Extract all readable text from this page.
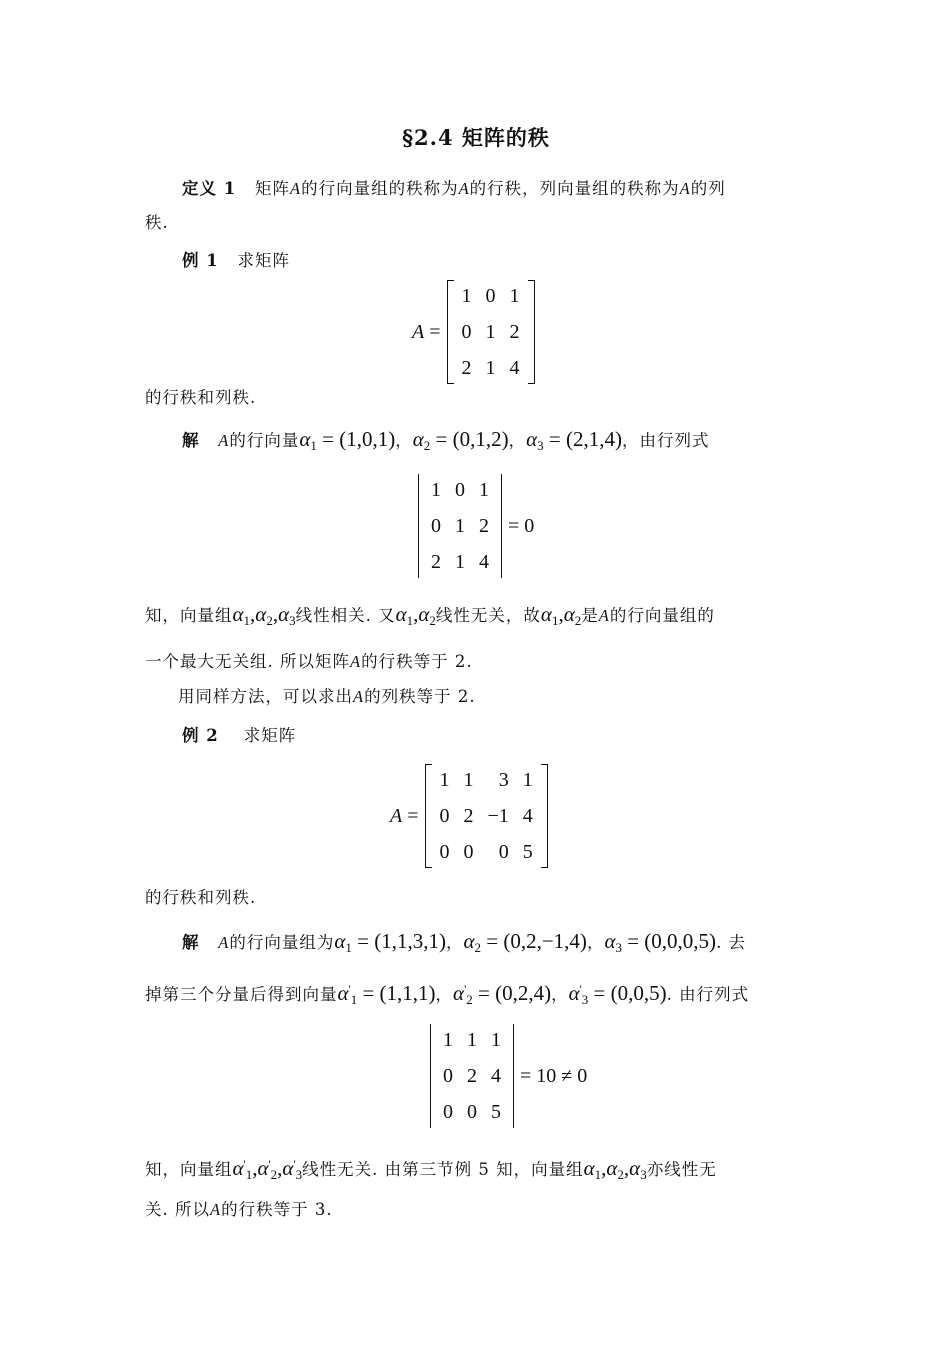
§2.4 矩阵的秩
定义 1 矩阵A的行向量组的秩称为A的行秩，列向量组的秩称为A的列
秩.
例 1 求矩阵
A =
1	0	1
0	1	2
2	1	4
的行秩和列秩.
解 A的行向量$\alpha_1 = (1,0,1)$，$\alpha_2 = (0,1,2)$，$\alpha_3 = (2,1,4)$，由行列式
1	0	1
0	1	2
2	1	4
= 0
知，向量组$\alpha_1,\alpha_2,\alpha_3$线性相关. 又$\alpha_1,\alpha_2$线性无关，故$\alpha_1,\alpha_2$是A的行向量组的
一个最大无关组. 所以矩阵A的行秩等于 2.
用同样方法，可以求出A的列秩等于 2.
例 2 求矩阵
A =
1	1	3	1
0	2	−1	4
0	0	0	5
的行秩和列秩.
解 A的行向量组为$\alpha_1 = (1,1,3,1)$，$\alpha_2 = (0,2,-1,4)$，$\alpha_3 = (0,0,0,5)$. 去
掉第三个分量后得到向量$\alpha'_1 = (1,1,1)$，$\alpha'_2 = (0,2,4)$，$\alpha'_3 = (0,0,5)$. 由行列式
1	1	1
0	2	4
0	0	5
= 10 ≠ 0
知，向量组$\alpha'_1,\alpha'_2,\alpha'_3$线性无关. 由第三节例 5 知，向量组$\alpha_1,\alpha_2,\alpha_3$亦线性无
关. 所以A的行秩等于 3.
